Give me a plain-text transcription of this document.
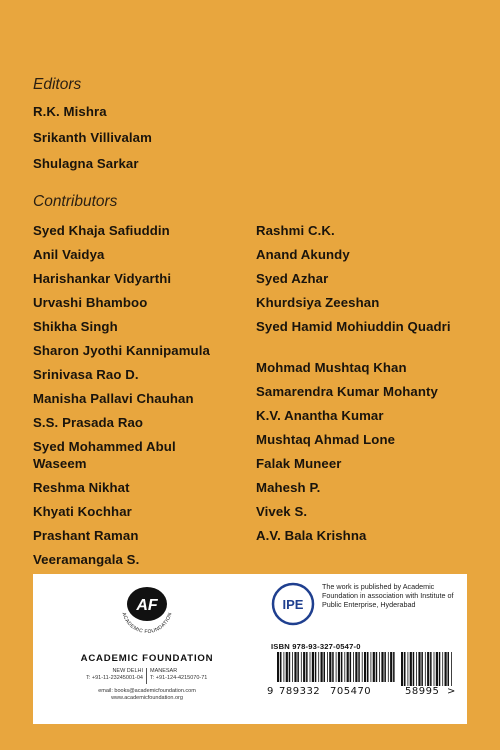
Editors
R.K. Mishra
Srikanth Villivalam
Shulagna Sarkar
Contributors
Syed Khaja Safiuddin
Anil Vaidya
Harishankar Vidyarthi
Urvashi Bhamboo
Shikha Singh
Sharon Jyothi Kannipamula
Srinivasa Rao D.
Manisha Pallavi Chauhan
S.S. Prasada Rao
Syed Mohammed Abul Waseem
Reshma Nikhat
Khyati Kochhar
Prashant Raman
Veeramangala S.
Rashmi C.K.
Anand Akundy
Syed Azhar
Khurdsiya Zeeshan
Syed Hamid Mohiuddin Quadri
Mohmad Mushtaq Khan
Samarendra Kumar Mohanty
K.V. Anantha Kumar
Mushtaq Ahmad Lone
Falak Muneer
Mahesh P.
Vivek S.
A.V. Bala Krishna
AF
ACADEMIC FOUNDATION
ACADEMIC FOUNDATION
NEW DELHI
T: +91-11-23245001-04
MANESAR
T: +91-124-4215070-71
email: books@academicfoundation.com
www.academicfoundation.org
IPE
The work is published by Academic Foundation in association with Institute of Public Enterprise, Hyderabad
ISBN 978-93-327-0547-0
9 789332 705470	58995 >
